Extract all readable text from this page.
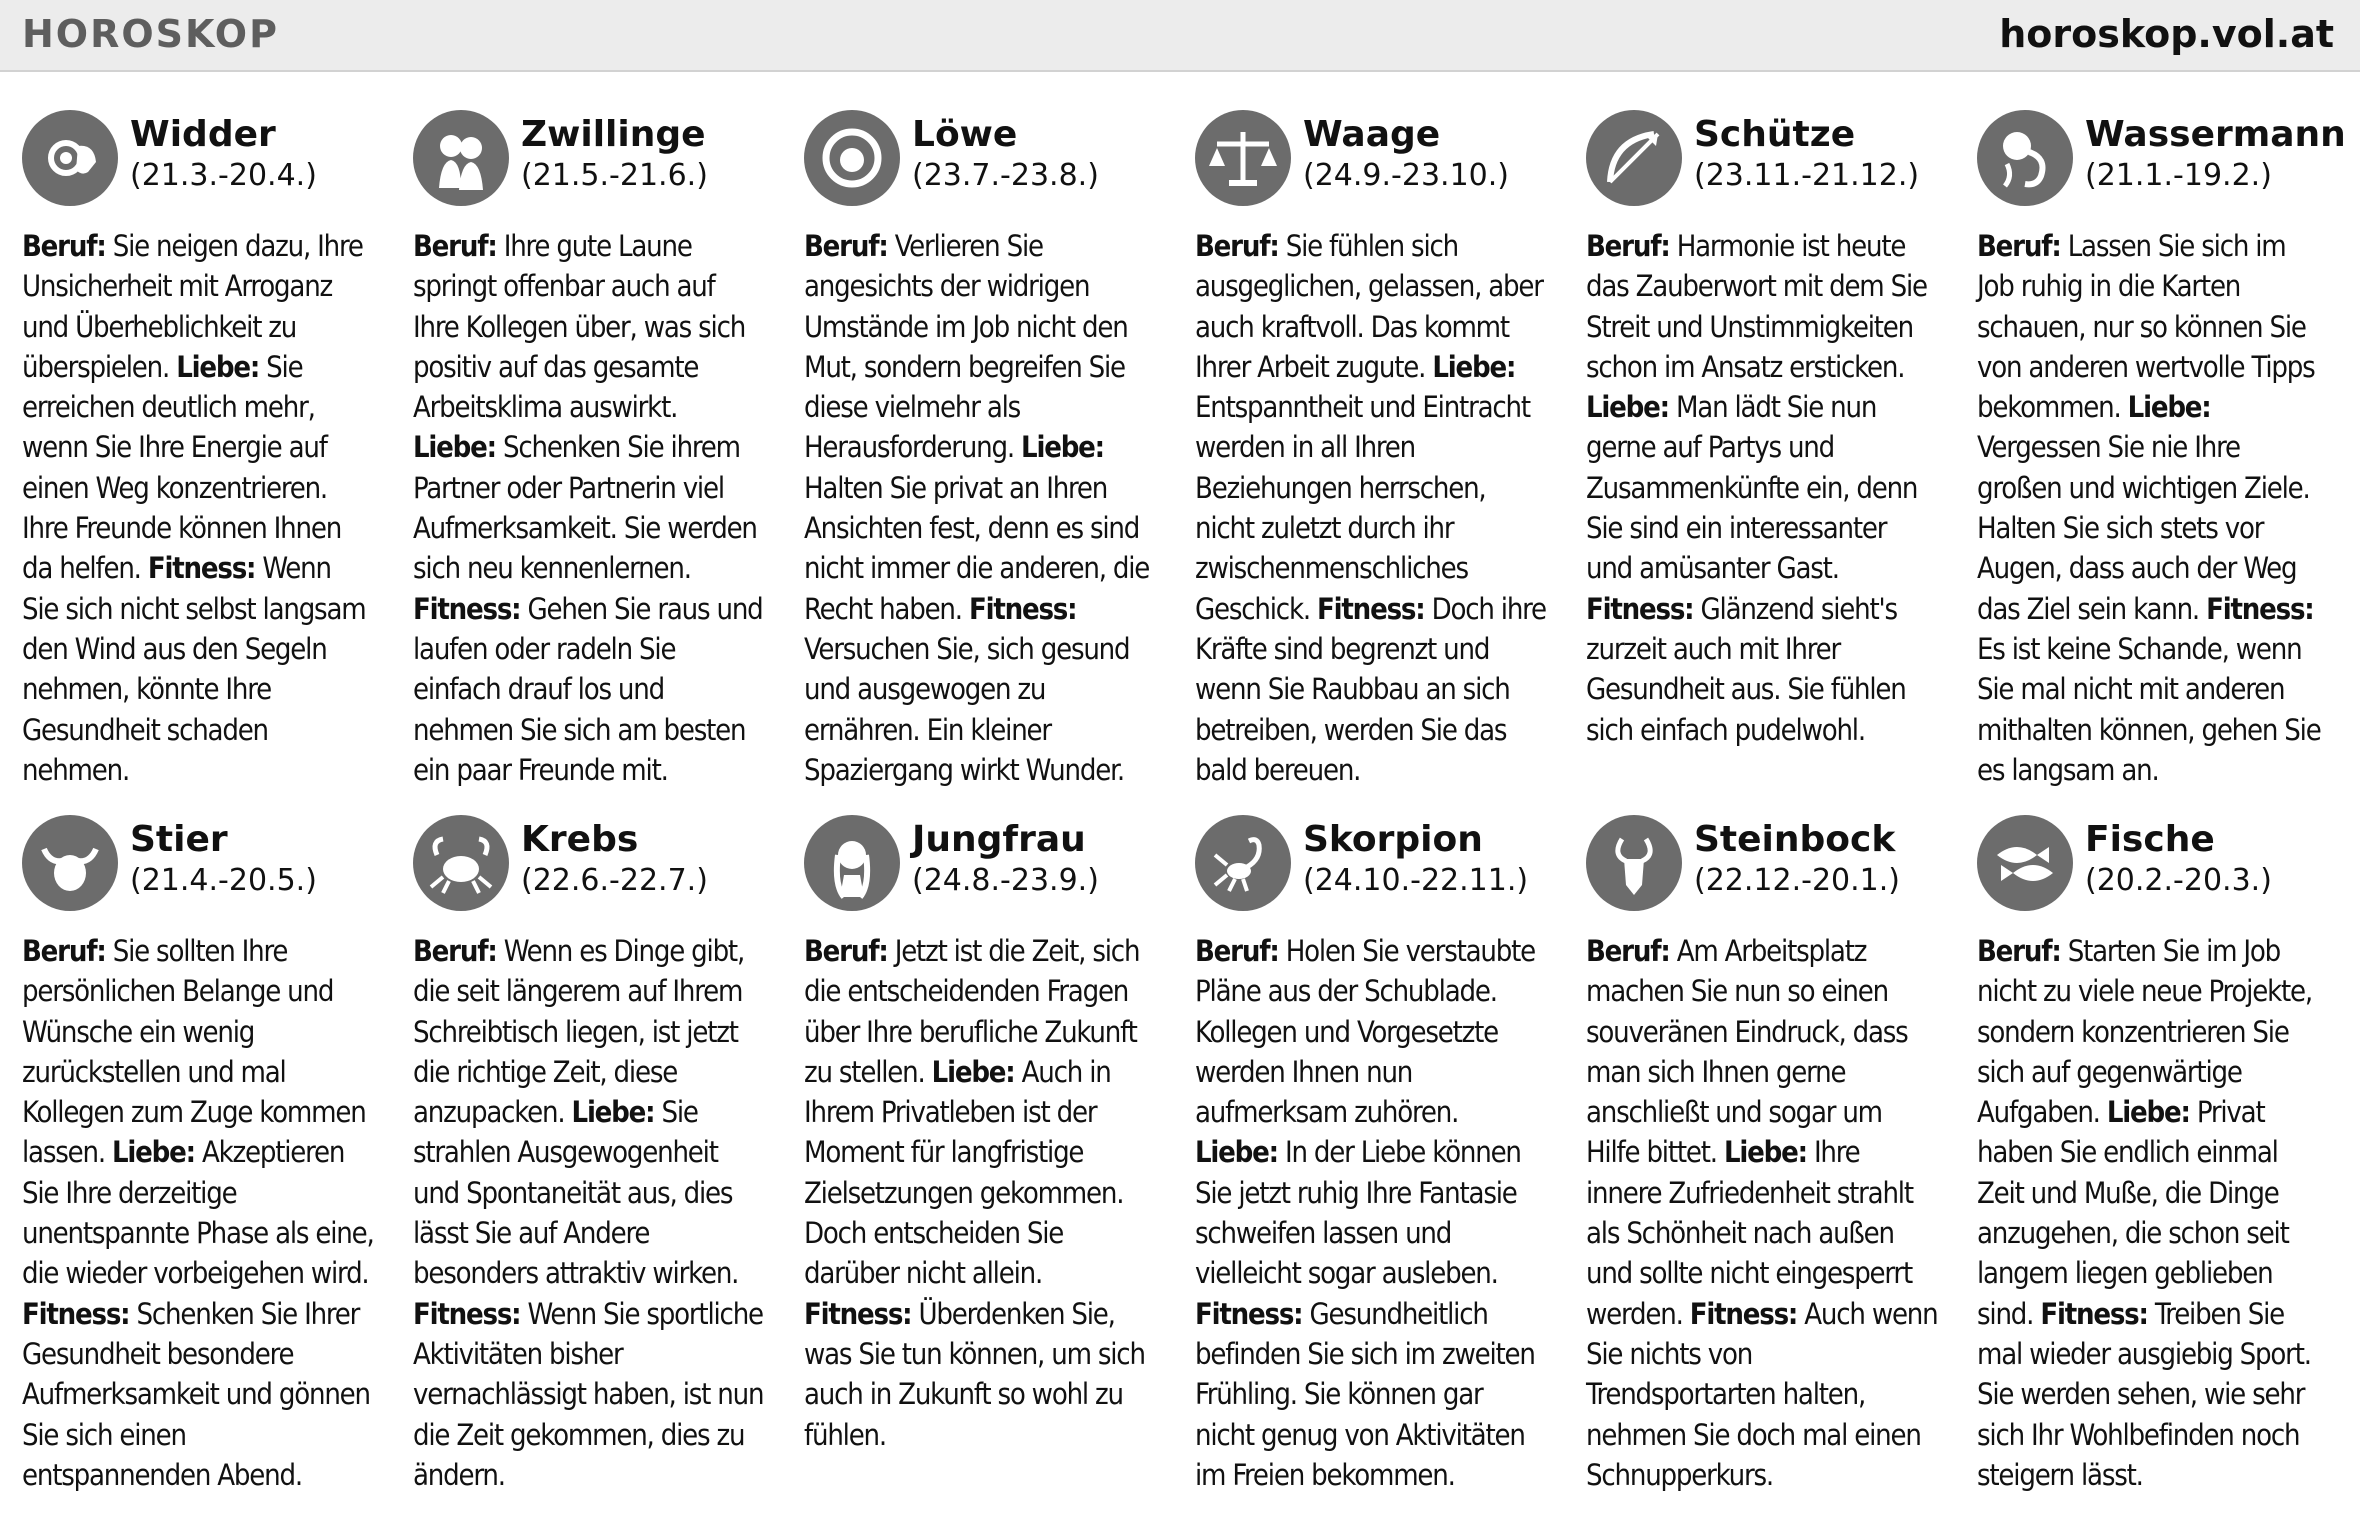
HOROSKOP	horoskop.vol.at
Widder
(21.3.-20.4.)
Beruf: Sie neigen dazu, Ihre Unsicherheit mit Arroganz und Überheblichkeit zu überspielen. Liebe: Sie erreichen deutlich mehr, wenn Sie Ihre Energie auf einen Weg konzentrieren. Ihre Freunde können Ihnen da helfen. Fitness: Wenn Sie sich nicht selbst langsam den Wind aus den Segeln nehmen, könnte Ihre Gesundheit schaden nehmen.
Zwillinge
(21.5.-21.6.)
Beruf: Ihre gute Laune springt offenbar auch auf Ihre Kollegen über, was sich positiv auf das gesamte Arbeitsklima auswirkt. Liebe: Schenken Sie ihrem Partner oder Partnerin viel Aufmerksamkeit. Sie werden sich neu kennenlernen. Fitness: Gehen Sie raus und laufen oder radeln Sie einfach drauf los und nehmen Sie sich am besten ein paar Freunde mit.
Löwe
(23.7.-23.8.)
Beruf: Verlieren Sie angesichts der widrigen Umstände im Job nicht den Mut, sondern begreifen Sie diese vielmehr als Herausforderung. Liebe: Halten Sie privat an Ihren Ansichten fest, denn es sind nicht immer die anderen, die Recht haben. Fitness: Versuchen Sie, sich gesund und ausgewogen zu ernähren. Ein kleiner Spaziergang wirkt Wunder.
Waage
(24.9.-23.10.)
Beruf: Sie fühlen sich ausgeglichen, gelassen, aber auch kraftvoll. Das kommt Ihrer Arbeit zugute. Liebe: Entspanntheit und Eintracht werden in all Ihren Beziehungen herrschen, nicht zuletzt durch ihr zwischenmenschliches Geschick. Fitness: Doch ihre Kräfte sind begrenzt und wenn Sie Raubbau an sich betreiben, werden Sie das bald bereuen.
Schütze
(23.11.-21.12.)
Beruf: Harmonie ist heute das Zauberwort mit dem Sie Streit und Unstimmigkeiten schon im Ansatz ersticken. Liebe: Man lädt Sie nun gerne auf Partys und Zusammenkünfte ein, denn Sie sind ein interessanter und amüsanter Gast. Fitness: Glänzend sieht's zurzeit auch mit Ihrer Gesundheit aus. Sie fühlen sich einfach pudelwohl.
Wassermann
(21.1.-19.2.)
Beruf: Lassen Sie sich im Job ruhig in die Karten schauen, nur so können Sie von anderen wertvolle Tipps bekommen. Liebe: Vergessen Sie nie Ihre großen und wichtigen Ziele. Halten Sie sich stets vor Augen, dass auch der Weg das Ziel sein kann. Fitness: Es ist keine Schande, wenn Sie mal nicht mit anderen mithalten können, gehen Sie es langsam an.
Stier
(21.4.-20.5.)
Beruf: Sie sollten Ihre persönlichen Belange und Wünsche ein wenig zurückstellen und mal Kollegen zum Zuge kommen lassen. Liebe: Akzeptieren Sie Ihre derzeitige unentspannte Phase als eine, die wieder vorbeigehen wird. Fitness: Schenken Sie Ihrer Gesundheit besondere Aufmerksamkeit und gönnen Sie sich einen entspannenden Abend.
Krebs
(22.6.-22.7.)
Beruf: Wenn es Dinge gibt, die seit längerem auf Ihrem Schreibtisch liegen, ist jetzt die richtige Zeit, diese anzupacken. Liebe: Sie strahlen Ausgewogenheit und Spontaneität aus, dies lässt Sie auf Andere besonders attraktiv wirken. Fitness: Wenn Sie sportliche Aktivitäten bisher vernachlässigt haben, ist nun die Zeit gekommen, dies zu ändern.
Jungfrau
(24.8.-23.9.)
Beruf: Jetzt ist die Zeit, sich die entscheidenden Fragen über Ihre berufliche Zukunft zu stellen. Liebe: Auch in Ihrem Privatleben ist der Moment für langfristige Zielsetzungen gekommen. Doch entscheiden Sie darüber nicht allein. Fitness: Überdenken Sie, was Sie tun können, um sich auch in Zukunft so wohl zu fühlen.
Skorpion
(24.10.-22.11.)
Beruf: Holen Sie verstaubte Pläne aus der Schublade. Kollegen und Vorgesetzte werden Ihnen nun aufmerksam zuhören. Liebe: In der Liebe können Sie jetzt ruhig Ihre Fantasie schweifen lassen und vielleicht sogar ausleben. Fitness: Gesundheitlich befinden Sie sich im zweiten Frühling. Sie können gar nicht genug von Aktivitäten im Freien bekommen.
Steinbock
(22.12.-20.1.)
Beruf: Am Arbeitsplatz machen Sie nun so einen souveränen Eindruck, dass man sich Ihnen gerne anschließt und sogar um Hilfe bittet. Liebe: Ihre innere Zufriedenheit strahlt als Schönheit nach außen und sollte nicht eingesperrt werden. Fitness: Auch wenn Sie nichts von Trendsportarten halten, nehmen Sie doch mal einen Schnupperkurs.
Fische
(20.2.-20.3.)
Beruf: Starten Sie im Job nicht zu viele neue Projekte, sondern konzentrieren Sie sich auf gegenwärtige Aufgaben. Liebe: Privat haben Sie endlich einmal Zeit und Muße, die Dinge anzugehen, die schon seit langem liegen geblieben sind. Fitness: Treiben Sie mal wieder ausgiebig Sport. Sie werden sehen, wie sehr sich Ihr Wohlbefinden noch steigern lässt.
